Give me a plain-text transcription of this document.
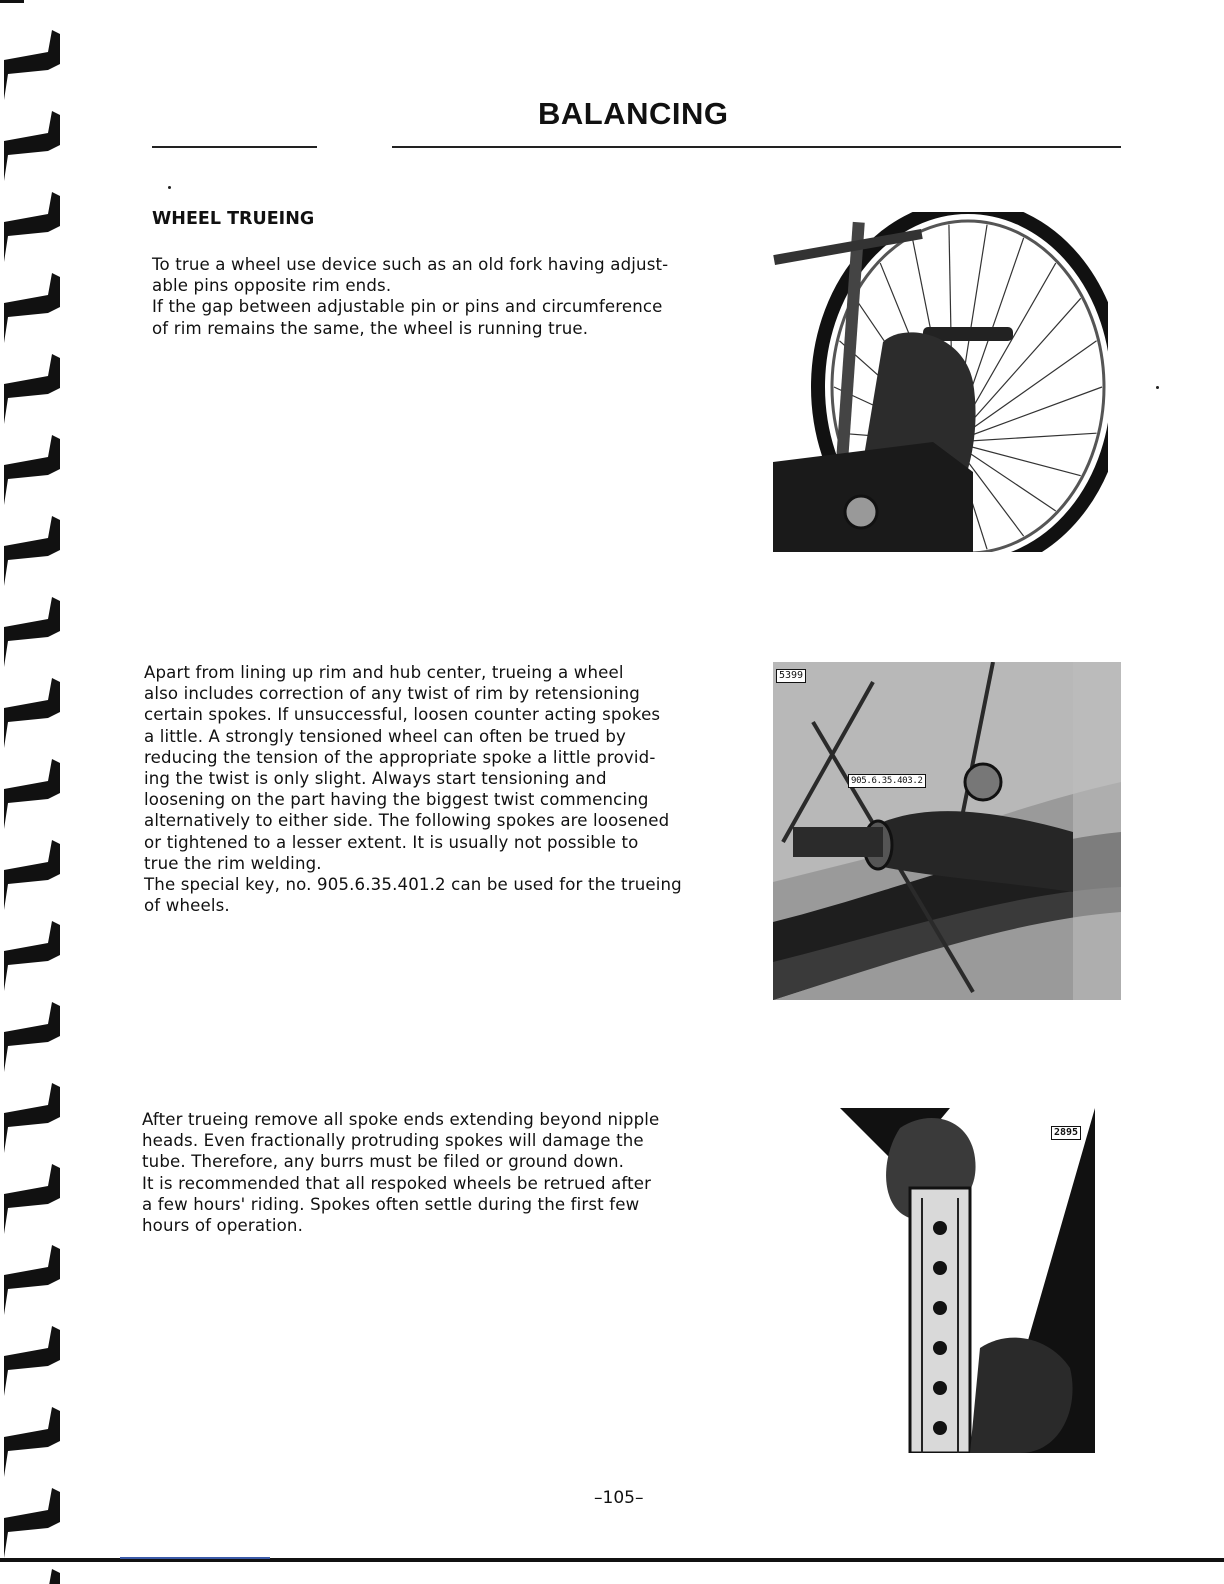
BALANCING
WHEEL TRUEING

To true a wheel use device such as an old fork having adjust-
able pins opposite rim ends.
If the gap between adjustable pin or pins and circumference
of rim remains the same, the wheel is running true.

Apart from lining up rim and hub center, trueing a wheel
also includes correction of any twist of rim by retensioning
certain spokes. If unsuccessful, loosen counter acting spokes
a little. A strongly tensioned wheel can often be trued by
reducing the tension of the appropriate spoke a little provid-
ing the twist is only slight. Always start tensioning and
loosening on the part having the biggest twist commencing
alternatively to either side. The following spokes are loosened
or tightened to a lesser extent. It is usually not possible to
true the rim welding.
The special key, no. 905.6.35.401.2 can be used for the trueing
of wheels.

After trueing remove all spoke ends extending beyond nipple
heads. Even fractionally protruding spokes will damage the
tube. Therefore, any burrs must be filed or ground down.
It is recommended that all respoked wheels be retrued after
a few hours' riding. Spokes often settle during the first few
hours of operation.

5399
905.6.35.403.2
2895

–105–
